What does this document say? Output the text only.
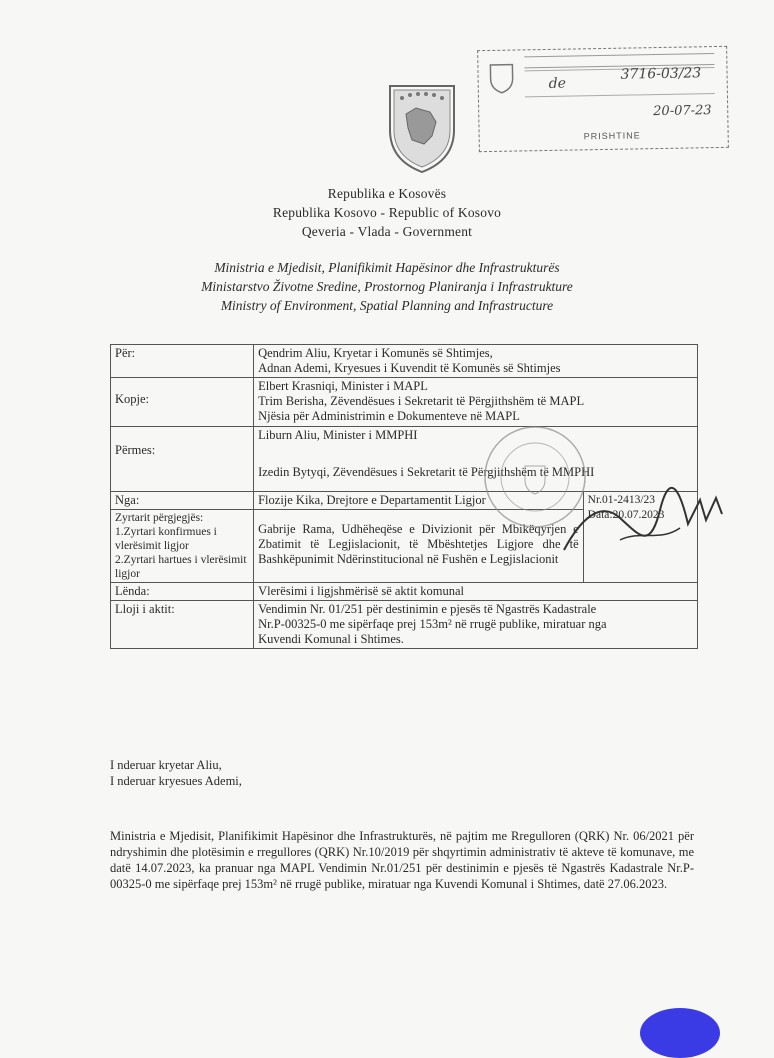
de
3716-03/23
20-07-23
PRISHTINE
Republika e Kosovës
Republika Kosovo - Republic of Kosovo
Qeveria - Vlada - Government
Ministria e Mjedisit, Planifikimit Hapësinor dhe Infrastrukturës
Ministarstvo Životne Sredine, Prostornog Planiranja i Infrastrukture
Ministry of Environment, Spatial Planning and Infrastructure
Për:	Qendrim Aliu, Kryetar i Komunës së Shtimjes,
Adnan Ademi, Kryesues i Kuvendit të Komunës së Shtimjes	

Kopje:	Elbert Krasniqi, Minister i MAPL
Trim Berisha, Zëvendësues i Sekretarit të Përgjithshëm të MAPL
Njësia për Administrimin e Dokumenteve në MAPL	

Përmes:	Liburn Aliu, Minister i MMPHI
Izedin Bytyqi, Zëvendësues i Sekretarit të Përgjithshëm të MMPHI	

Nga:	Flozije Kika, Drejtore e Departamentit Ligjor	Nr.01-2413/23
Data:20.07.2023

Zyrtarit përgjegjës:
1.Zyrtari konfirmues i vlerësimit ligjor
2.Zyrtari hartues i vlerësimit ligjor	Gabrije Rama, Udhëheqëse e Divizionit për Mbikëqyrjen e Zbatimit të Legjislacionit, të Mbështetjes Ligjore dhe të Bashkëpunimit Ndërinstitucional në Fushën e Legjislacionit	
Lënda:	Vlerësimi i ligjshmërisë së aktit komunal	
Lloji i aktit:	Vendimin Nr. 01/251 për destinimin e pjesës të Ngastrës Kadastrale
Nr.P-00325-0 me sipërfaqe prej 153m² në rrugë publike, miratuar nga
Kuvendi Komunal i Shtimes.	
I nderuar kryetar Aliu,
I nderuar kryesues Ademi,
Ministria e Mjedisit, Planifikimit Hapësinor dhe Infrastrukturës, në pajtim me Rregulloren (QRK) Nr. 06/2021 për ndryshimin dhe plotësimin e rregullores (QRK) Nr.10/2019 për shqyrtimin administrativ të akteve të komunave, me datë 14.07.2023, ka pranuar nga MAPL Vendimin Nr.01/251 për destinimin e pjesës të Ngastrës Kadastrale Nr.P-00325-0 me sipërfaqe prej 153m² në rrugë publike, miratuar nga Kuvendi Komunal i Shtimes, datë 27.06.2023.
